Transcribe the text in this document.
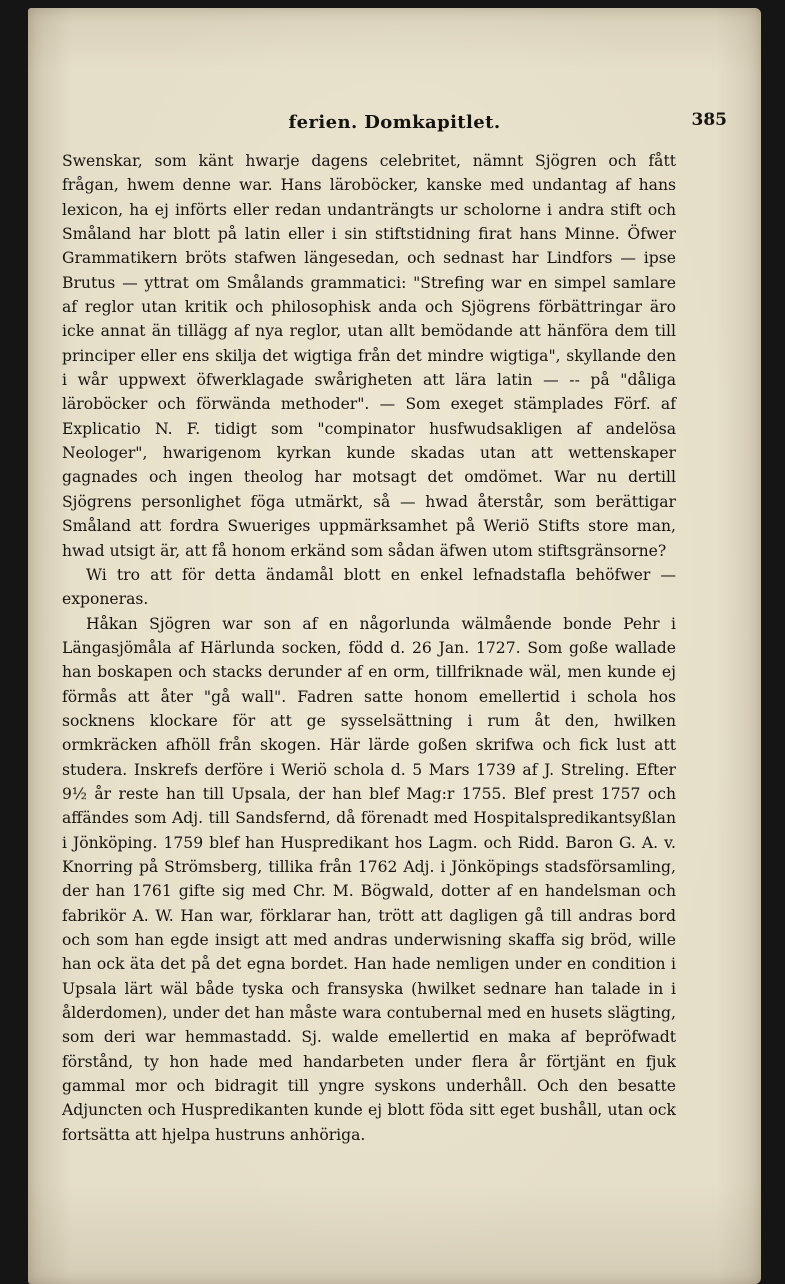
ferien. Domkapitlet.	385

Swenskar, som känt hwarje dagens celebritet, nämnt Sjögren och fått frågan, hwem denne war. Hans läroböcker, kanske med undantag af hans lexicon, ha ej införts eller redan undanträngts ur scholorne i andra stift och Småland har blott på latin eller i sin stiftstidning firat hans Minne. Öfwer Grammatikern bröts stafwen längesedan, och sednast har Lindfors — ipse Brutus — yttrat om Smålands grammatici: "Strefing war en simpel samlare af reglor utan kritik och philosophisk anda och Sjögrens förbättringar äro icke annat än tillägg af nya reglor, utan allt bemödande att hänföra dem till principer eller ens skilja det wigtiga från det mindre wigtiga", skyllande den i wår uppwext öfwerklagade swårigheten att lära latin — -- på "dåliga läroböcker och förwända methoder". — Som exeget stämplades Förf. af Explicatio N. F. tidigt som "compinator husfwudsakligen af andelösa Neologer", hwarigenom kyrkan kunde skadas utan att wettenskaper gagnades och ingen theolog har motsagt det omdömet. War nu dertill Sjögrens personlighet föga utmärkt, så — hwad återstår, som berättigar Småland att fordra Swueriges uppmärksamhet på Weriö Stifts store man, hwad utsigt är, att få honom erkänd som sådan äfwen utom stiftsgränsorne?

Wi tro att för detta ändamål blott en enkel lefnadstafla behöfwer — exponeras.

Håkan Sjögren war son af en någorlunda wälmående bonde Pehr i Längasjömåla af Härlunda socken, född d. 26 Jan. 1727. Som goße wallade han boskapen och stacks derunder af en orm, tillfriknade wäl, men kunde ej förmås att åter "gå wall". Fadren satte honom emellertid i schola hos socknens klockare för att ge sysselsättning i rum åt den, hwilken ormkräcken afhöll från skogen. Här lärde goßen skrifwa och fick lust att studera. Inskrefs derföre i Weriö schola d. 5 Mars 1739 af J. Streling. Efter 9½ år reste han till Upsala, der han blef Mag:r 1755. Blef prest 1757 och affändes som Adj. till Sandsfernd, då förenadt med Hospitalspredikantsyßlan i Jönköping. 1759 blef han Huspredikant hos Lagm. och Ridd. Baron G. A. v. Knorring på Strömsberg, tillika från 1762 Adj. i Jönköpings stadsförsamling, der han 1761 gifte sig med Chr. M. Bögwald, dotter af en handelsman och fabrikör A. W. Han war, förklarar han, trött att dagligen gå till andras bord och som han egde insigt att med andras underwisning skaffa sig bröd, wille han ock äta det på det egna bordet. Han hade nemligen under en condition i Upsala lärt wäl både tyska och fransyska (hwilket sednare han talade in i ålderdomen), under det han måste wara contubernal med en husets slägting, som deri war hemmastadd. Sj. walde emellertid en maka af bepröfwadt förstånd, ty hon hade med handarbeten under flera år förtjänt en fjuk gammal mor och bidragit till yngre syskons underhåll. Och den besatte Adjuncten och Huspredikanten kunde ej blott föda sitt eget bushåll, utan ock fortsätta att hjelpa hustruns anhöriga.
